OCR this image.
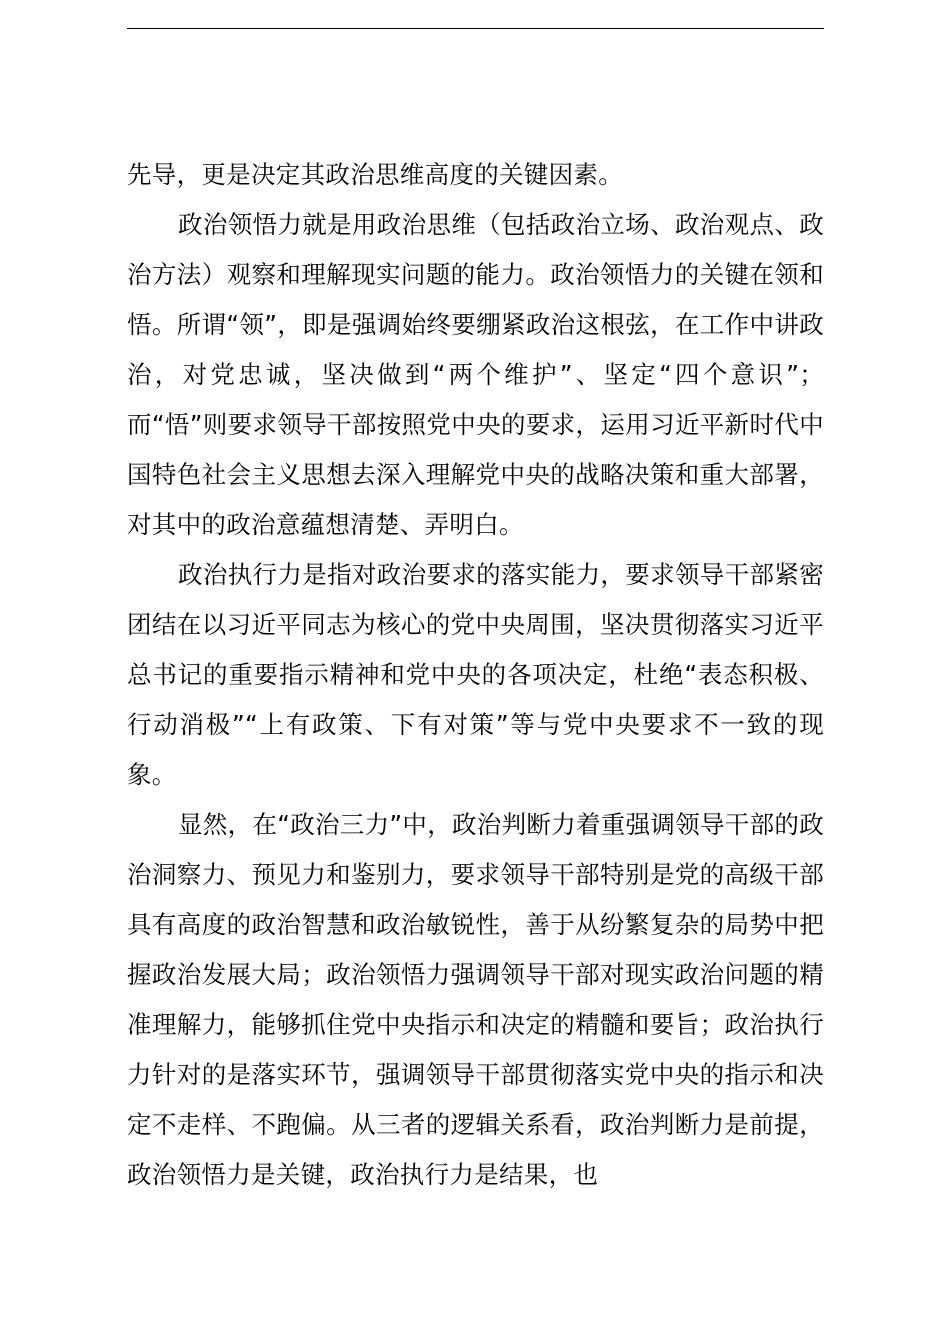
先导，更是决定其政治思维高度的关键因素。

政治领悟力就是用政治思维（包括政治立场、政治观点、政治方法）观察和理解现实问题的能力。政治领悟力的关键在领和悟。所谓“领”，即是强调始终要绷紧政治这根弦，在工作中讲政治，对党忠诚，坚决做到“两个维护”、坚定“四个意识”；而“悟”则要求领导干部按照党中央的要求，运用习近平新时代中国特色社会主义思想去深入理解党中央的战略决策和重大部署，对其中的政治意蕴想清楚、弄明白。

政治执行力是指对政治要求的落实能力，要求领导干部紧密团结在以习近平同志为核心的党中央周围，坚决贯彻落实习近平总书记的重要指示精神和党中央的各项决定，杜绝“表态积极、行动消极”“上有政策、下有对策”等与党中央要求不一致的现象。

显然，在“政治三力”中，政治判断力着重强调领导干部的政治洞察力、预见力和鉴别力，要求领导干部特别是党的高级干部具有高度的政治智慧和政治敏锐性，善于从纷繁复杂的局势中把握政治发展大局；政治领悟力强调领导干部对现实政治问题的精准理解力，能够抓住党中央指示和决定的精髓和要旨；政治执行力针对的是落实环节，强调领导干部贯彻落实党中央的指示和决定不走样、不跑偏。从三者的逻辑关系看，政治判断力是前提，政治领悟力是关键，政治执行力是结果，也
